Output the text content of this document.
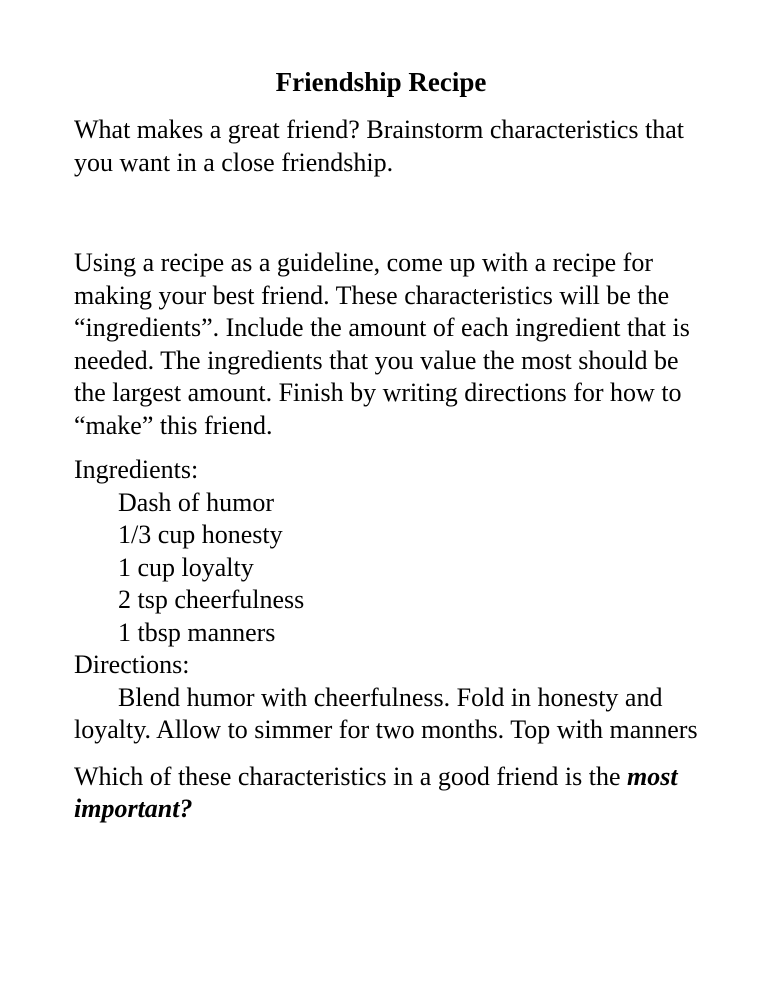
Friendship Recipe

What makes a great friend? Brainstorm characteristics that you want in a close friendship.

Using a recipe as a guideline, come up with a recipe for making your best friend. These characteristics will be the “ingredients”. Include the amount of each ingredient that is needed. The ingredients that you value the most should be the largest amount. Finish by writing directions for how to “make” this friend.

Ingredients:

Dash of humor
1/3 cup honesty
1 cup loyalty
2 tsp cheerfulness
1 tbsp manners

Directions:

Blend humor with cheerfulness. Fold in honesty and loyalty. Allow to simmer for two months. Top with manners

Which of these characteristics in a good friend is the most important?
